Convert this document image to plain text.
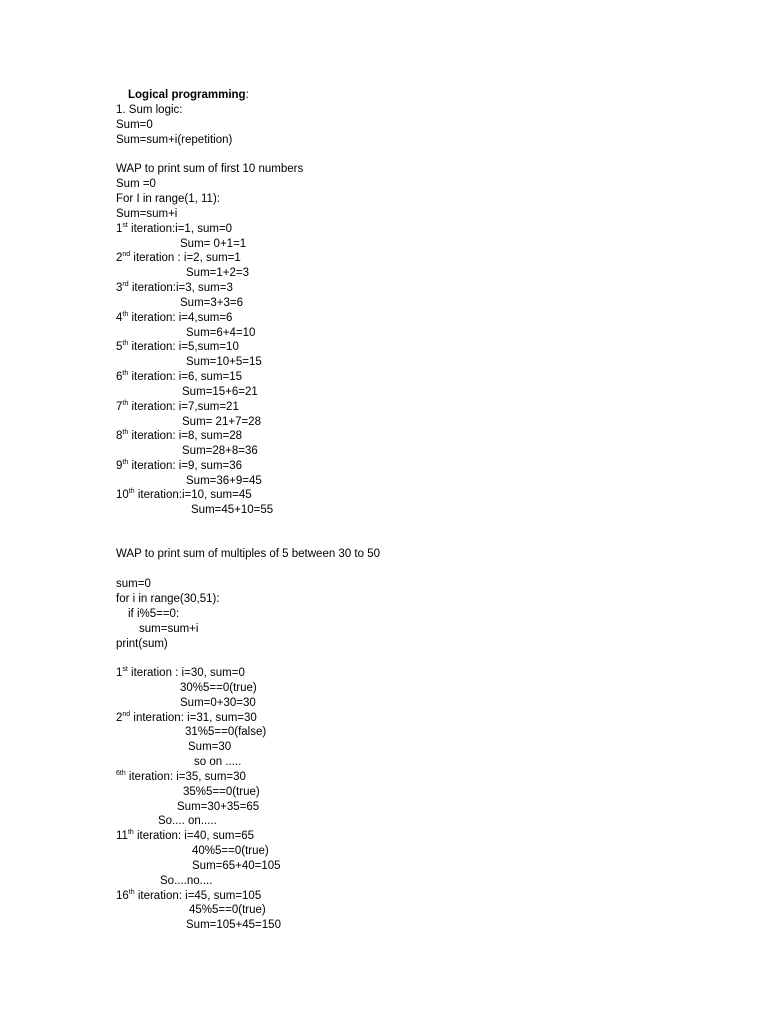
Logical programming:
1. Sum logic:
Sum=0
Sum=sum+i(repetition)
WAP to print sum of first 10 numbers
Sum =0
For I in range(1, 11):
Sum=sum+i
1st iteration:i=1, sum=0
Sum= 0+1=1
2nd iteration : i=2, sum=1
Sum=1+2=3
3rd iteration:i=3, sum=3
Sum=3+3=6
4th iteration: i=4,sum=6
Sum=6+4=10
5th iteration: i=5,sum=10
Sum=10+5=15
6th iteration: i=6, sum=15
Sum=15+6=21
7th iteration: i=7,sum=21
Sum= 21+7=28
8th iteration: i=8, sum=28
Sum=28+8=36
9th iteration: i=9, sum=36
Sum=36+9=45
10th iteration:i=10, sum=45
Sum=45+10=55
WAP to print sum of multiples of 5 between 30 to 50
sum=0
for i in range(30,51):
if i%5==0:
sum=sum+i
print(sum)
1st iteration : i=30, sum=0
30%5==0(true)
Sum=0+30=30
2nd interation: i=31, sum=30
31%5==0(false)
Sum=30
so on .....
$^{6th}$ iteration: i=35, sum=30
35%5==0(true)
Sum=30+35=65
So.... on.....
11th iteration: i=40, sum=65
40%5==0(true)
Sum=65+40=105
So....no....
16th iteration: i=45, sum=105
45%5==0(true)
Sum=105+45=150
